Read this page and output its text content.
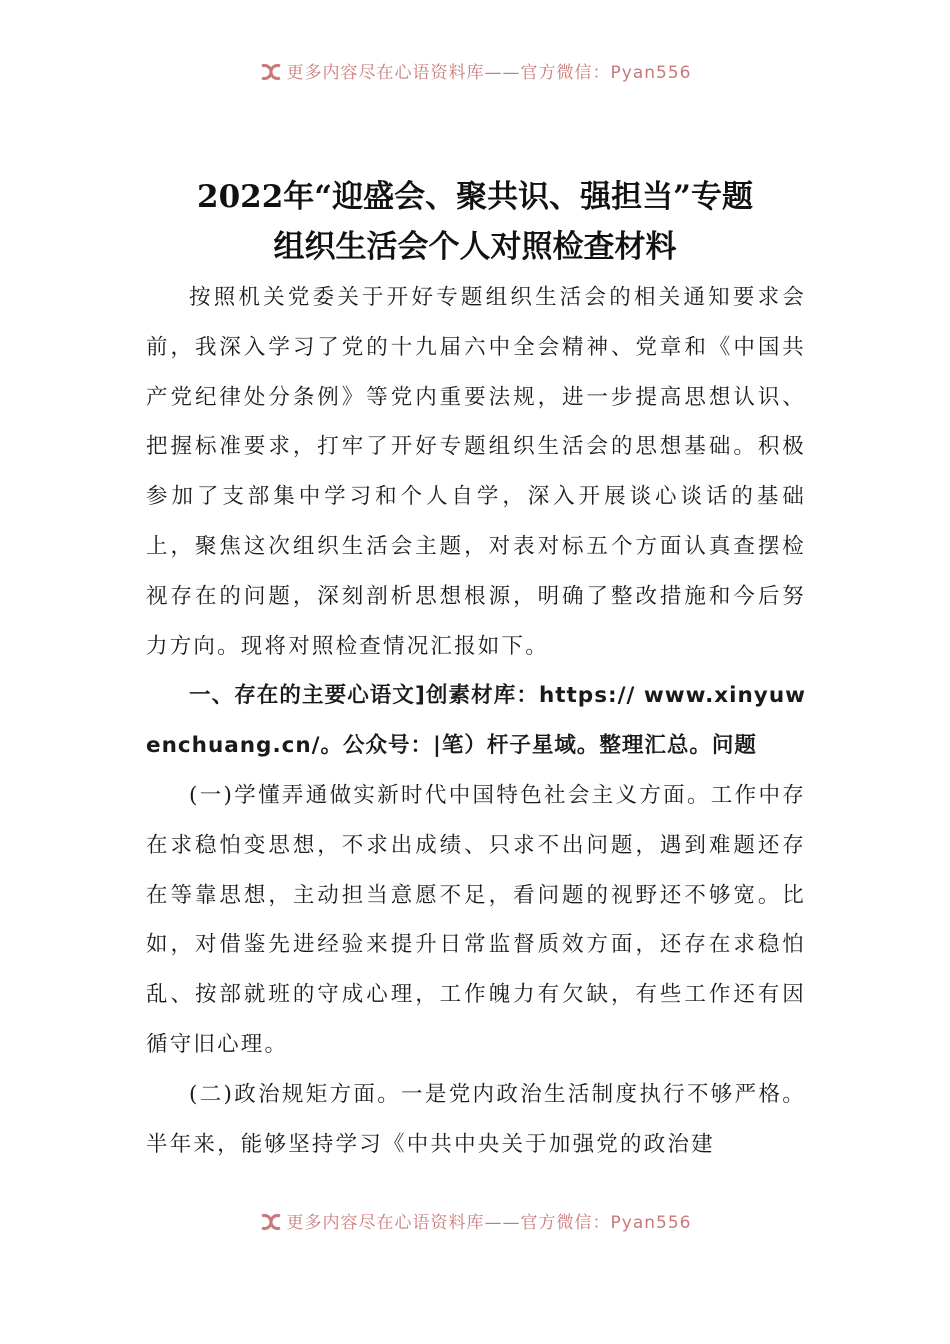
更多内容尽在心语资料库——官方微信：Pyan556
2022年“迎盛会、聚共识、强担当”专题
组织生活会个人对照检查材料

按照机关党委关于开好专题组织生活会的相关通知要求会前，我深入学习了党的十九届六中全会精神、党章和《中国共产党纪律处分条例》等党内重要法规，进一步提高思想认识、把握标准要求，打牢了开好专题组织生活会的思想基础。积极参加了支部集中学习和个人自学，深入开展谈心谈话的基础上，聚焦这次组织生活会主题，对表对标五个方面认真查摆检视存在的问题，深刻剖析思想根源，明确了整改措施和今后努力方向。现将对照检查情况汇报如下。

一、存在的主要心语文]创素材库：https:// www.xinyuwenchuang.cn/。公众号：|笔）杆子星域。整理汇总。问题

(一)学懂弄通做实新时代中国特色社会主义方面。工作中存在求稳怕变思想，不求出成绩、只求不出问题，遇到难题还存在等靠思想，主动担当意愿不足，看问题的视野还不够宽。比如，对借鉴先进经验来提升日常监督质效方面，还存在求稳怕乱、按部就班的守成心理，工作魄力有欠缺，有些工作还有因循守旧心理。

(二)政治规矩方面。一是党内政治生活制度执行不够严格。半年来，能够坚持学习《中共中央关于加强党的政治建

更多内容尽在心语资料库——官方微信：Pyan556
